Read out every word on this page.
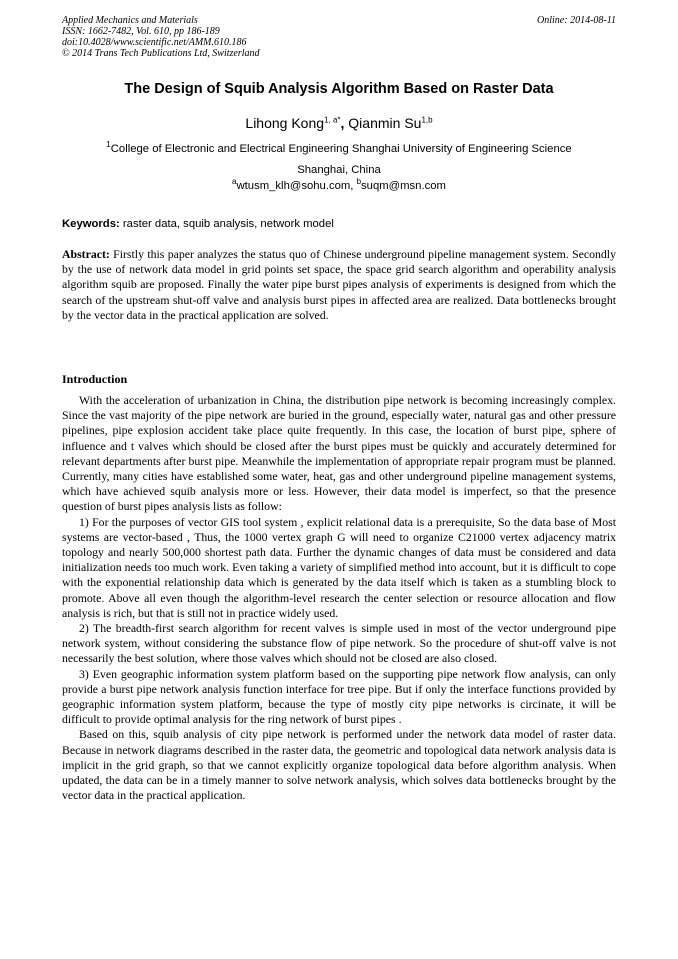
Applied Mechanics and Materials	Online: 2014-08-11
ISSN: 1662-7482, Vol. 610, pp 186-189
doi:10.4028/www.scientific.net/AMM.610.186
© 2014 Trans Tech Publications Ltd, Switzerland
The Design of Squib Analysis Algorithm Based on Raster Data
Lihong Kong$^{1, a*}$, Qianmin Su$^{1,b}$
$^1$College of Electronic and Electrical Engineering Shanghai University of Engineering Science
Shanghai, China
$^a$wtusm_klh@sohu.com, $^b$suqm@msn.com
Keywords: raster data, squib analysis, network model
Abstract: Firstly this paper analyzes the status quo of Chinese underground pipeline management system. Secondly by the use of network data model in grid points set space, the space grid search algorithm and operability analysis algorithm squib are proposed. Finally the water pipe burst pipes analysis of experiments is designed from which the search of the upstream shut-off valve and analysis burst pipes in affected area are realized. Data bottlenecks brought by the vector data in the practical application are solved.
Introduction

With the acceleration of urbanization in China, the distribution pipe network is becoming increasingly complex. Since the vast majority of the pipe network are buried in the ground, especially water, natural gas and other pressure pipelines, pipe explosion accident take place quite frequently. In this case, the location of burst pipe, sphere of influence and t valves which should be closed after the burst pipes must be quickly and accurately determined for relevant departments after burst pipe. Meanwhile the implementation of appropriate repair program must be planned. Currently, many cities have established some water, heat, gas and other underground pipeline management systems, which have achieved squib analysis more or less. However, their data model is imperfect, so that the presence question of burst pipes analysis lists as follow:

1) For the purposes of vector GIS tool system , explicit relational data is a prerequisite, So the data base of Most systems are vector-based , Thus, the 1000 vertex graph G will need to organize C21000 vertex adjacency matrix topology and nearly 500,000 shortest path data. Further the dynamic changes of data must be considered and data initialization needs too much work. Even taking a variety of simplified method into account, but it is difficult to cope with the exponential relationship data which is generated by the data itself which is taken as a stumbling block to promote. Above all even though the algorithm-level research the center selection or resource allocation and flow analysis is rich, but that is still not in practice widely used.

2) The breadth-first search algorithm for recent valves is simple used in most of the vector underground pipe network system, without considering the substance flow of pipe network. So the procedure of shut-off valve is not necessarily the best solution, where those valves which should not be closed are also closed.

3) Even geographic information system platform based on the supporting pipe network flow analysis, can only provide a burst pipe network analysis function interface for tree pipe. But if only the interface functions provided by geographic information system platform, because the type of mostly city pipe networks is circinate, it will be difficult to provide optimal analysis for the ring network of burst pipes .

Based on this, squib analysis of city pipe network is performed under the network data model of raster data. Because in network diagrams described in the raster data, the geometric and topological data network analysis data is implicit in the grid graph, so that we cannot explicitly organize topological data before algorithm analysis. When updated, the data can be in a timely manner to solve network analysis, which solves data bottlenecks brought by the vector data in the practical application.
